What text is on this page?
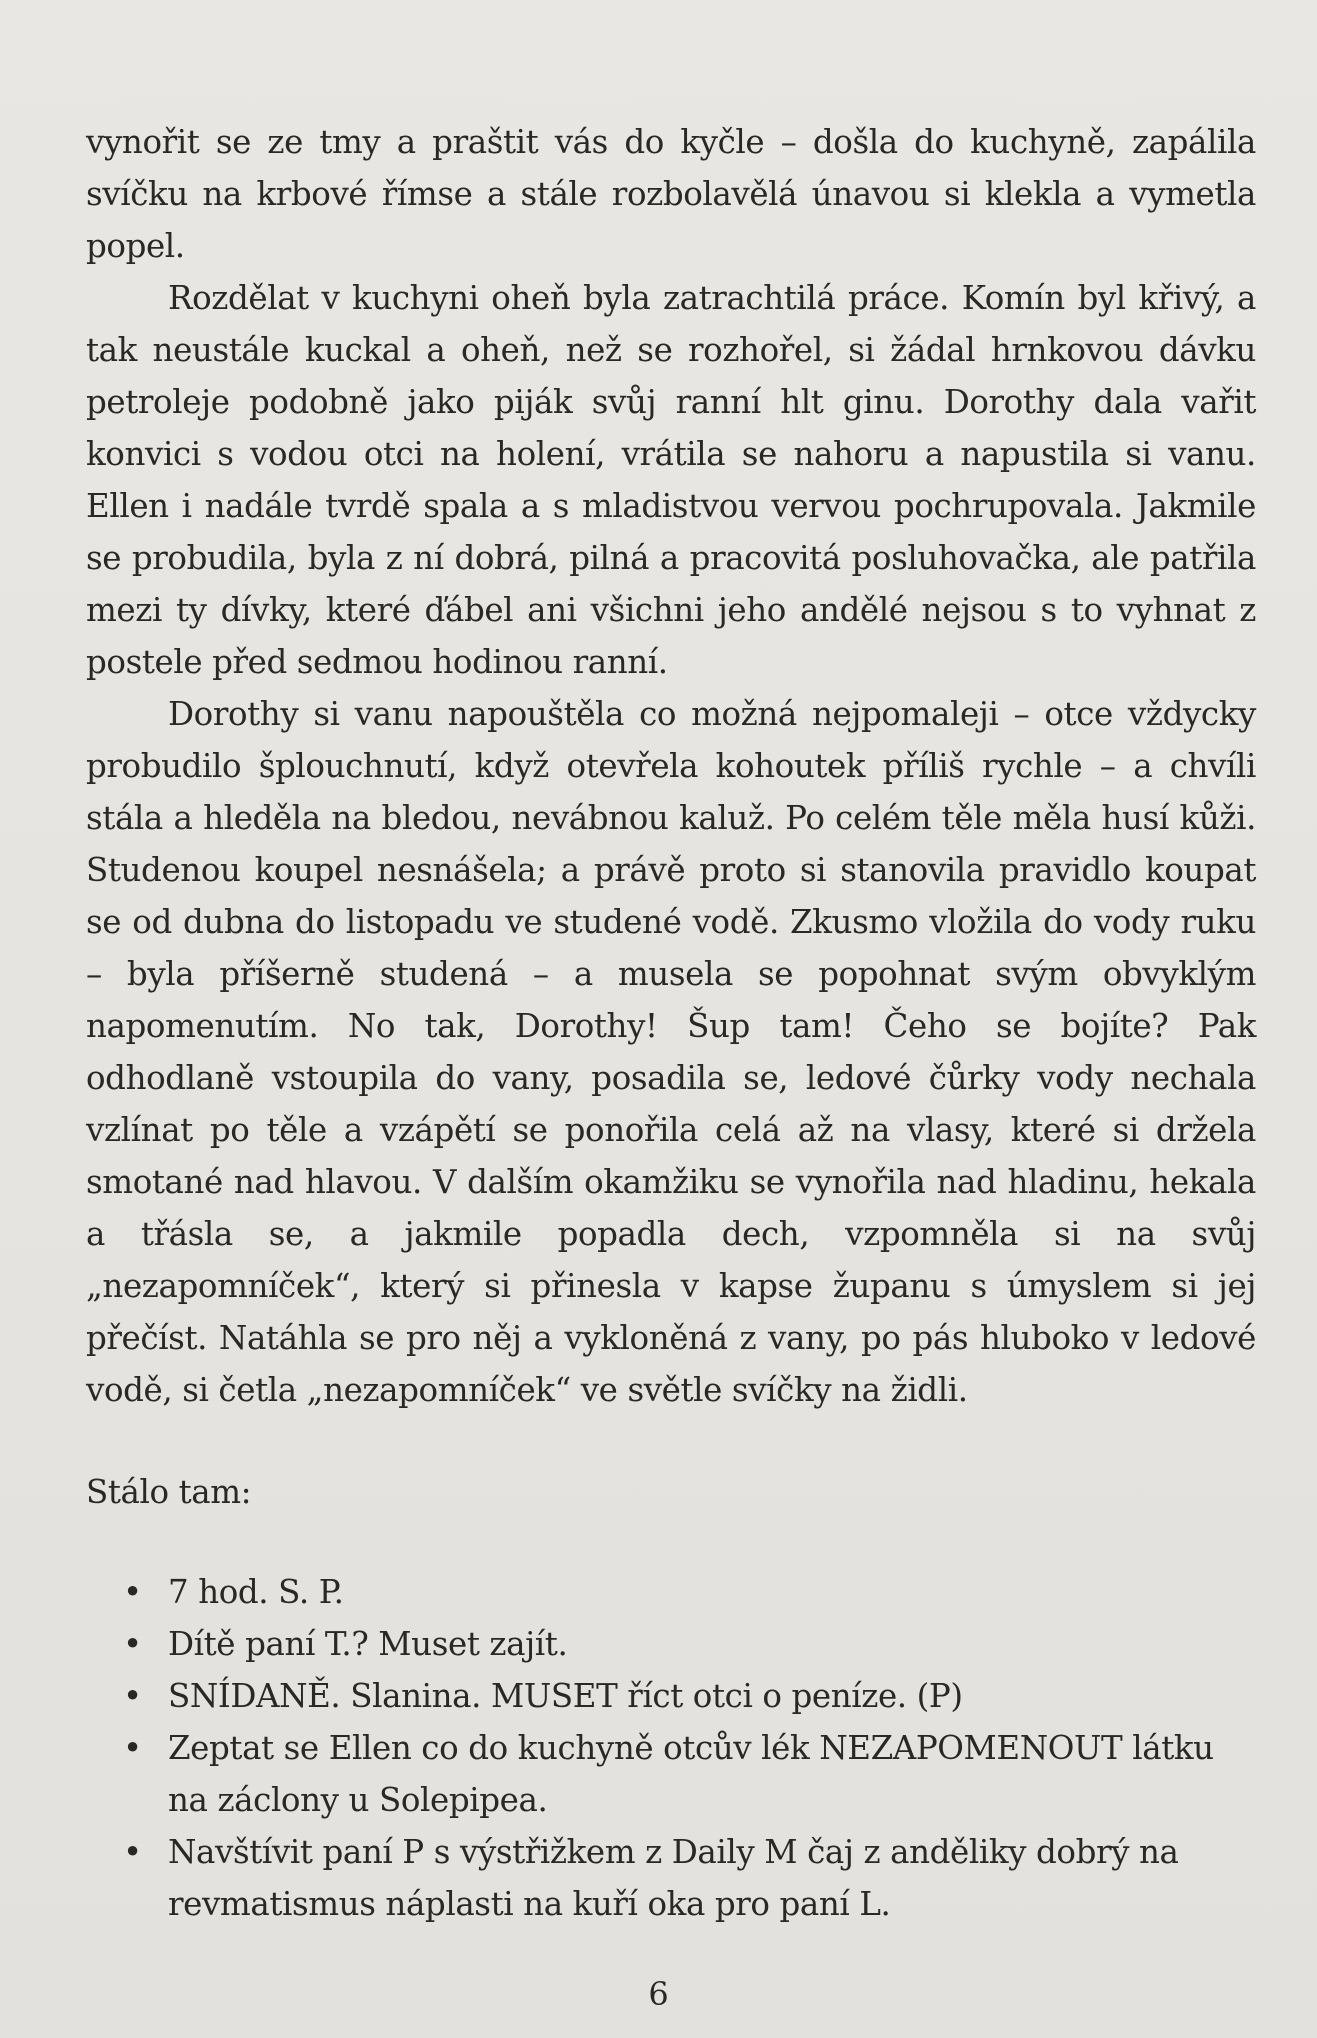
vynořit se ze tmy a praštit vás do kyčle – došla do kuchyně, zapálila svíčku na krbové římse a stále rozbolavělá únavou si klekla a vymetla popel.

Rozdělat v kuchyni oheň byla zatrachtilá práce. Komín byl křivý, a tak neustále kuckal a oheň, než se rozhořel, si žádal hrnkovou dávku petroleje podobně jako piják svůj ranní hlt ginu. Dorothy dala vařit konvici s vodou otci na holení, vrátila se nahoru a napustila si vanu. Ellen i nadále tvrdě spala a s mladistvou vervou pochrupovala. Jakmile se probudila, byla z ní dobrá, pilná a pracovitá posluhovačka, ale patřila mezi ty dívky, které ďábel ani všichni jeho andělé nejsou s to vyhnat z postele před sedmou hodinou ranní.

Dorothy si vanu napouštěla co možná nejpomaleji – otce vždycky probudilo šplouchnutí, když otevřela kohoutek příliš rychle – a chvíli stála a hleděla na bledou, nevábnou kaluž. Po celém těle měla husí kůži. Studenou koupel nesnášela; a právě proto si stanovila pravidlo koupat se od dubna do listopadu ve studené vodě. Zkusmo vložila do vody ruku – byla příšerně studená – a musela se popohnat svým obvyklým napomenutím. No tak, Dorothy! Šup tam! Čeho se bojíte? Pak odhodlaně vstoupila do vany, posadila se, ledové čůrky vody nechala vzlínat po těle a vzápětí se ponořila celá až na vlasy, které si držela smotané nad hlavou. V dalším okamžiku se vynořila nad hladinu, hekala a třásla se, a jakmile popadla dech, vzpomněla si na svůj „nezapomníček“, který si přinesla v kapse županu s úmyslem si jej přečíst. Natáhla se pro něj a vykloněná z vany, po pás hluboko v ledové vodě, si četla „nezapomníček“ ve světle svíčky na židli.

Stálo tam:

• 7 hod. S. P.
• Dítě paní T.? Muset zajít.
• SNÍDANĚ. Slanina. MUSET říct otci o peníze. (P)
• Zeptat se Ellen co do kuchyně otcův lék NEZAPOMENOUT látku na záclony u Solepipea.
• Navštívit paní P s výstřižkem z Daily M čaj z anděliky dobrý na revmatismus náplasti na kuří oka pro paní L.
6
